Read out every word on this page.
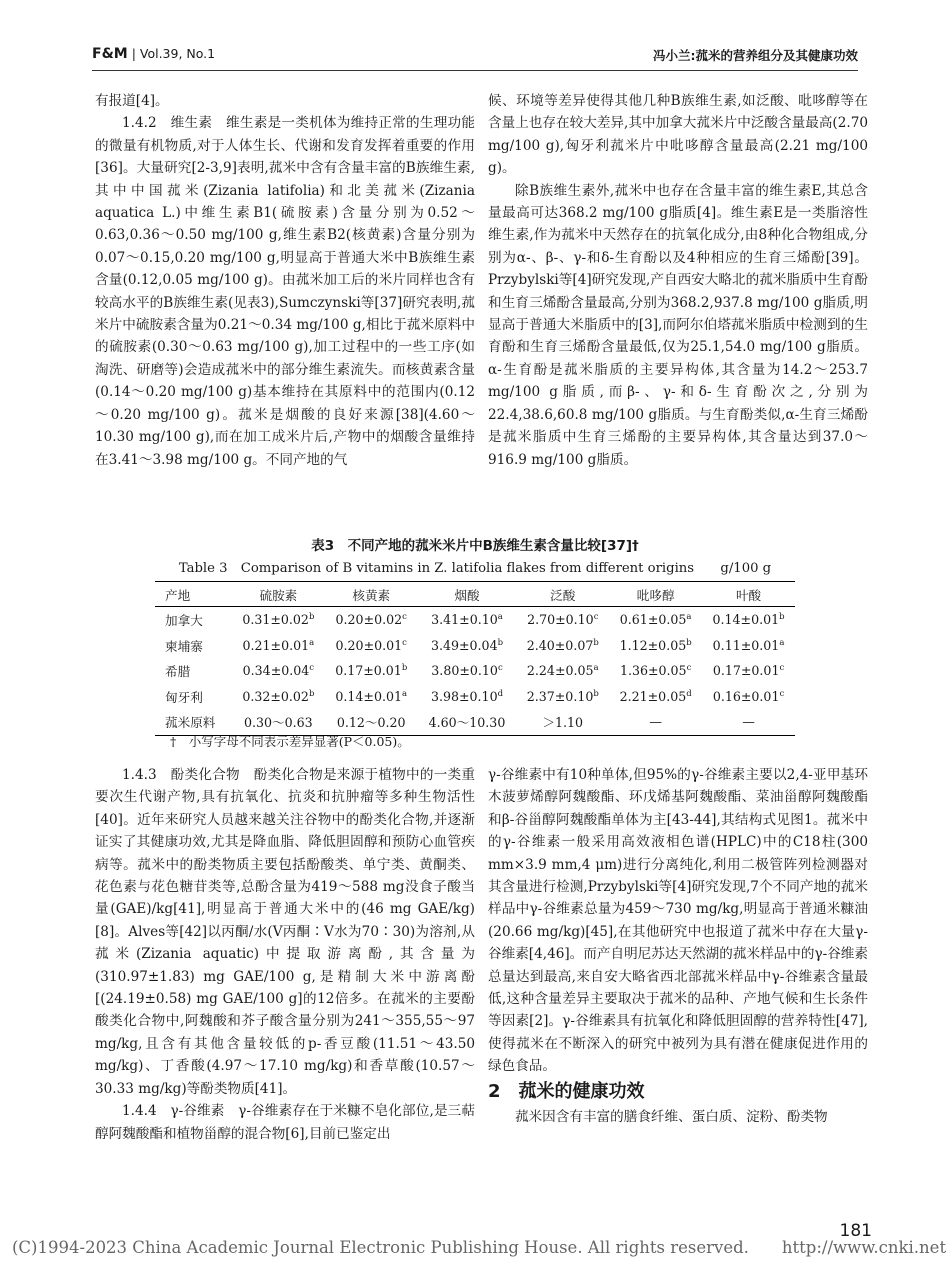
F&M | Vol.39, No.1	冯小兰:菰米的营养组分及其健康功效

有报道[4]。

1.4.2　维生素　维生素是一类机体为维持正常的生理功能的微量有机物质,对于人体生长、代谢和发育发挥着重要的作用[36]。大量研究[2-3,9]表明,菰米中含有含量丰富的B族维生素,其中中国菰米(Zizania latifolia)和北美菰米(Zizania aquatica L.)中维生素B1(硫胺素)含量分别为0.52～0.63,0.36～0.50 mg/100 g,维生素B2(核黄素)含量分别为0.07～0.15,0.20 mg/100 g,明显高于普通大米中B族维生素含量(0.12,0.05 mg/100 g)。由菰米加工后的米片同样也含有较高水平的B族维生素(见表3),Sumczynski等[37]研究表明,菰米片中硫胺素含量为0.21～0.34 mg/100 g,相比于菰米原料中的硫胺素(0.30～0.63 mg/100 g),加工过程中的一些工序(如淘洗、研磨等)会造成菰米中的部分维生素流失。而核黄素含量(0.14～0.20 mg/100 g)基本维持在其原料中的范围内(0.12～0.20 mg/100 g)。菰米是烟酸的良好来源[38](4.60～10.30 mg/100 g),而在加工成米片后,产物中的烟酸含量维持在3.41～3.98 mg/100 g。不同产地的气

候、环境等差异使得其他几种B族维生素,如泛酸、吡哆醇等在含量上也存在较大差异,其中加拿大菰米片中泛酸含量最高(2.70 mg/100 g),匈牙利菰米片中吡哆醇含量最高(2.21 mg/100 g)。

除B族维生素外,菰米中也存在含量丰富的维生素E,其总含量最高可达368.2 mg/100 g脂质[4]。维生素E是一类脂溶性维生素,作为菰米中天然存在的抗氧化成分,由8种化合物组成,分别为α-、β-、γ-和δ-生育酚以及4种相应的生育三烯酚[39]。Przybylski等[4]研究发现,产自西安大略北的菰米脂质中生育酚和生育三烯酚含量最高,分别为368.2,937.8 mg/100 g脂质,明显高于普通大米脂质中的[3],而阿尔伯塔菰米脂质中检测到的生育酚和生育三烯酚含量最低,仅为25.1,54.0 mg/100 g脂质。α-生育酚是菰米脂质的主要异构体,其含量为14.2～253.7 mg/100 g脂质,而β-、γ-和δ-生育酚次之,分别为22.4,38.6,60.8 mg/100 g脂质。与生育酚类似,α-生育三烯酚是菰米脂质中生育三烯酚的主要异构体,其含量达到37.0～916.9 mg/100 g脂质。

表3　不同产地的菰米米片中B族维生素含量比较[37]†
Table 3　Comparison of B vitamins in Z. latifolia flakes from different origins　　g/100 g
产地	硫胺素	核黄素	烟酸	泛酸	吡哆醇	叶酸
加拿大	0.31±0.02$^b$	0.20±0.02$^c$	3.41±0.10$^a$	2.70±0.10$^c$	0.61±0.05$^a$	0.14±0.01$^b$
柬埔寨	0.21±0.01$^a$	0.20±0.01$^c$	3.49±0.04$^b$	2.40±0.07$^b$	1.12±0.05$^b$	0.11±0.01$^a$
希腊	0.34±0.04$^c$	0.17±0.01$^b$	3.80±0.10$^c$	2.24±0.05$^a$	1.36±0.05$^c$	0.17±0.01$^c$
匈牙利	0.32±0.02$^b$	0.14±0.01$^a$	3.98±0.10$^d$	2.37±0.10$^b$	2.21±0.05$^d$	0.16±0.01$^c$
菰米原料	0.30～0.63	0.12～0.20	4.60～10.30	＞1.10	—	—
†　小写字母不同表示差异显著(P＜0.05)。

1.4.3　酚类化合物　酚类化合物是来源于植物中的一类重要次生代谢产物,具有抗氧化、抗炎和抗肿瘤等多种生物活性[40]。近年来研究人员越来越关注谷物中的酚类化合物,并逐渐证实了其健康功效,尤其是降血脂、降低胆固醇和预防心血管疾病等。菰米中的酚类物质主要包括酚酸类、单宁类、黄酮类、花色素与花色糖苷类等,总酚含量为419～588 mg没食子酸当量(GAE)/kg[41],明显高于普通大米中的(46 mg GAE/kg)[8]。Alves等[42]以丙酮/水(V丙酮∶V水为70∶30)为溶剂,从菰米(Zizania aquatic)中提取游离酚,其含量为(310.97±1.83) mg GAE/100 g,是精制大米中游离酚[(24.19±0.58) mg GAE/100 g]的12倍多。在菰米的主要酚酸类化合物中,阿魏酸和芥子酸含量分别为241～355,55～97 mg/kg,且含有其他含量较低的p-香豆酸(11.51～43.50 mg/kg)、丁香酸(4.97～17.10 mg/kg)和香草酸(10.57～30.33 mg/kg)等酚类物质[41]。

1.4.4　γ-谷维素　γ-谷维素存在于米糠不皂化部位,是三萜醇阿魏酸酯和植物甾醇的混合物[6],目前已鉴定出

γ-谷维素中有10种单体,但95%的γ-谷维素主要以2,4-亚甲基环木菠萝烯醇阿魏酸酯、环戊烯基阿魏酸酯、菜油甾醇阿魏酸酯和β-谷甾醇阿魏酸酯单体为主[43-44],其结构式见图1。菰米中的γ-谷维素一般采用高效液相色谱(HPLC)中的C18柱(300 mm×3.9 mm,4 μm)进行分离纯化,利用二极管阵列检测器对其含量进行检测,Przybylski等[4]研究发现,7个不同产地的菰米样品中γ-谷维素总量为459～730 mg/kg,明显高于普通米糠油(20.66 mg/kg)[45],在其他研究中也报道了菰米中存在大量γ-谷维素[4,46]。而产自明尼苏达天然湖的菰米样品中的γ-谷维素总量达到最高,来自安大略省西北部菰米样品中γ-谷维素含量最低,这种含量差异主要取决于菰米的品种、产地气候和生长条件等因素[2]。γ-谷维素具有抗氧化和降低胆固醇的营养特性[47],使得菰米在不断深入的研究中被列为具有潜在健康促进作用的绿色食品。

2　菰米的健康功效

菰米因含有丰富的膳食纤维、蛋白质、淀粉、酚类物

181
(C)1994-2023 China Academic Journal Electronic Publishing House. All rights reserved.　　http://www.cnki.net
